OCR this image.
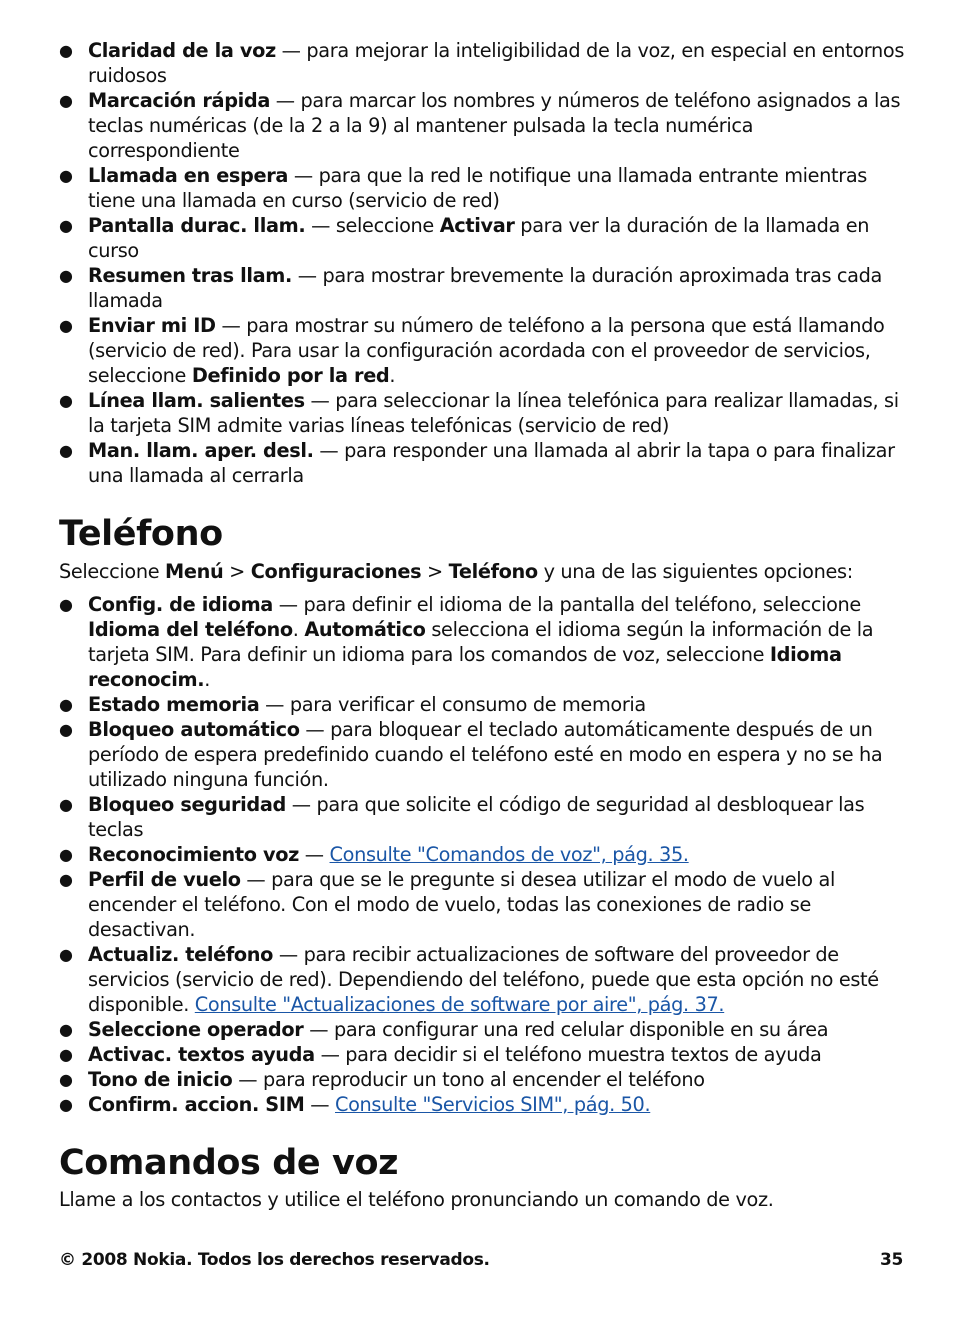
● Claridad de la voz — para mejorar la inteligibilidad de la voz, en especial en entornos ruidosos
● Marcación rápida — para marcar los nombres y números de teléfono asignados a las teclas numéricas (de la 2 a la 9) al mantener pulsada la tecla numérica correspondiente
● Llamada en espera — para que la red le notifique una llamada entrante mientras tiene una llamada en curso (servicio de red)
● Pantalla durac. llam. — seleccione Activar para ver la duración de la llamada en curso
● Resumen tras llam. — para mostrar brevemente la duración aproximada tras cada llamada
● Enviar mi ID — para mostrar su número de teléfono a la persona que está llamando (servicio de red). Para usar la configuración acordada con el proveedor de servicios, seleccione Definido por la red.
● Línea llam. salientes — para seleccionar la línea telefónica para realizar llamadas, si la tarjeta SIM admite varias líneas telefónicas (servicio de red)
● Man. llam. aper. desl. — para responder una llamada al abrir la tapa o para finalizar una llamada al cerrarla
Teléfono

Seleccione Menú > Configuraciones > Teléfono y una de las siguientes opciones:

● Config. de idioma — para definir el idioma de la pantalla del teléfono, seleccione Idioma del teléfono. Automático selecciona el idioma según la información de la tarjeta SIM. Para definir un idioma para los comandos de voz, seleccione Idioma reconocim..
● Estado memoria — para verificar el consumo de memoria
● Bloqueo automático — para bloquear el teclado automáticamente después de un período de espera predefinido cuando el teléfono esté en modo en espera y no se ha utilizado ninguna función.
● Bloqueo seguridad — para que solicite el código de seguridad al desbloquear las teclas
● Reconocimiento voz — Consulte "Comandos de voz", pág. 35.
● Perfil de vuelo — para que se le pregunte si desea utilizar el modo de vuelo al encender el teléfono. Con el modo de vuelo, todas las conexiones de radio se desactivan.
● Actualiz. teléfono — para recibir actualizaciones de software del proveedor de servicios (servicio de red). Dependiendo del teléfono, puede que esta opción no esté disponible. Consulte "Actualizaciones de software por aire", pág. 37.
● Seleccione operador — para configurar una red celular disponible en su área
● Activac. textos ayuda — para decidir si el teléfono muestra textos de ayuda
● Tono de inicio — para reproducir un tono al encender el teléfono
● Confirm. accion. SIM — Consulte "Servicios SIM", pág. 50.
Comandos de voz

Llame a los contactos y utilice el teléfono pronunciando un comando de voz.

© 2008 Nokia. Todos los derechos reservados.	35
